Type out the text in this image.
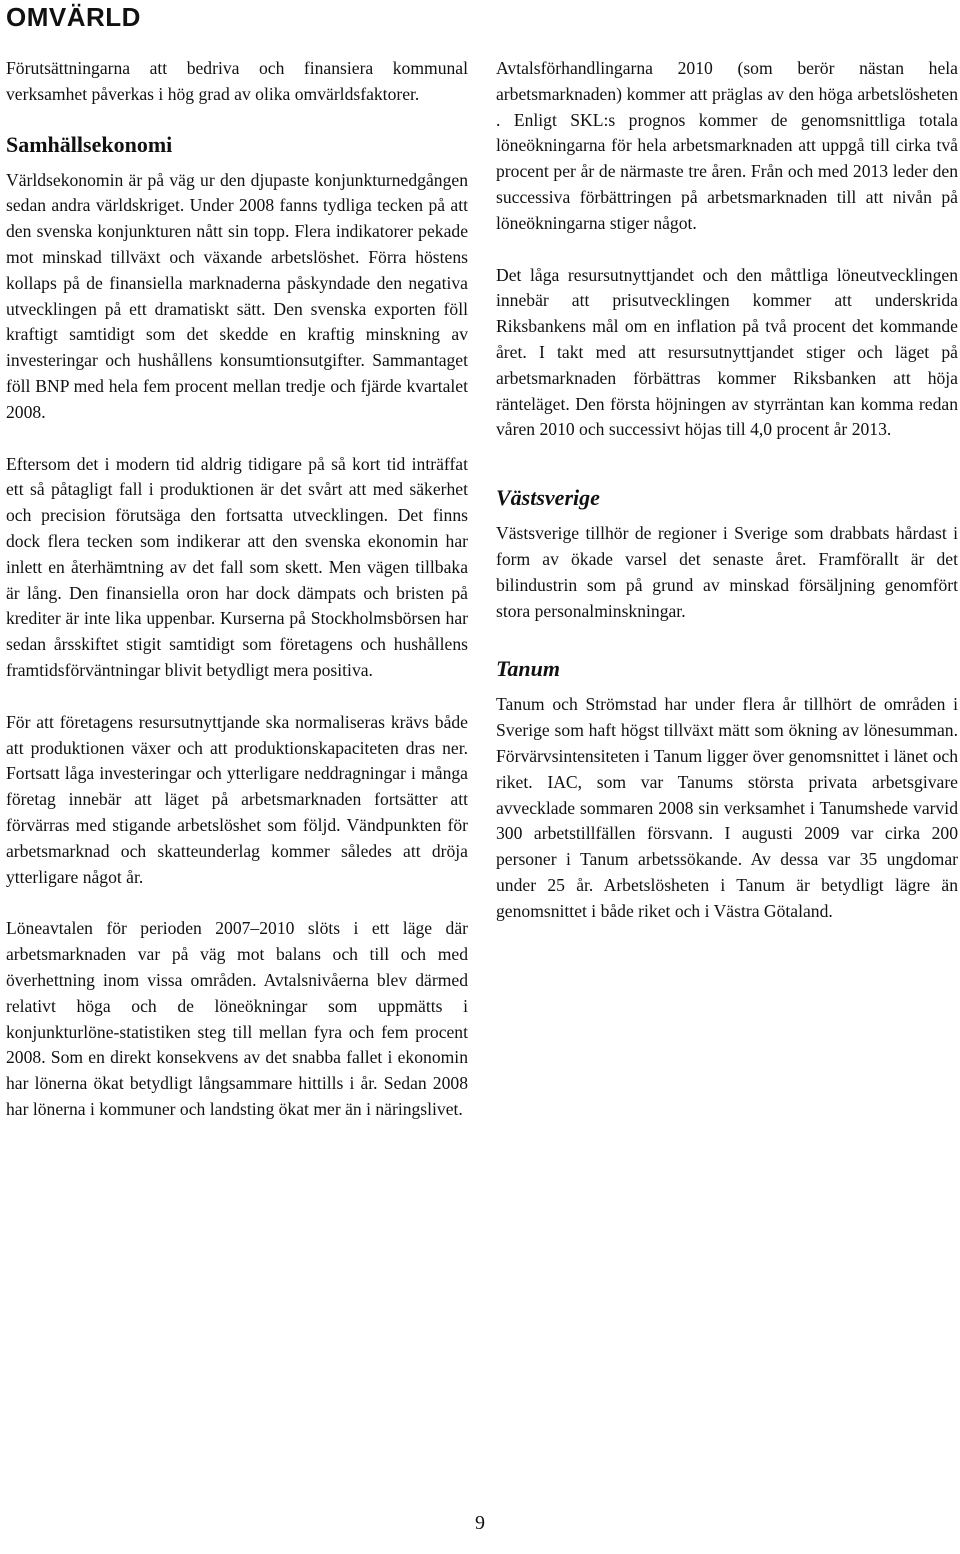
OMVÄRLD

Förutsättningarna att bedriva och finansiera kommunal verksamhet påverkas i hög grad av olika omvärldsfaktorer.

Samhällsekonomi

Världsekonomin är på väg ur den djupaste konjunkturnedgången sedan andra världskriget. Under 2008 fanns tydliga tecken på att den svenska konjunkturen nått sin topp. Flera indikatorer pekade mot minskad tillväxt och växande arbetslöshet. Förra höstens kollaps på de finansiella marknaderna påskyndade den negativa utvecklingen på ett dramatiskt sätt. Den svenska exporten föll kraftigt samtidigt som det skedde en kraftig minskning av investeringar och hushållens konsumtionsutgifter. Sammantaget föll BNP med hela fem procent mellan tredje och fjärde kvartalet 2008.

Eftersom det i modern tid aldrig tidigare på så kort tid inträffat ett så påtagligt fall i produktionen är det svårt att med säkerhet och precision förutsäga den fortsatta utvecklingen. Det finns dock flera tecken som indikerar att den svenska ekonomin har inlett en återhämtning av det fall som skett. Men vägen tillbaka är lång. Den finansiella oron har dock dämpats och bristen på krediter är inte lika uppenbar. Kurserna på Stockholmsbörsen har sedan årsskiftet stigit samtidigt som företagens och hushållens framtidsförväntningar blivit betydligt mera positiva.

För att företagens resursutnyttjande ska normaliseras krävs både att produktionen växer och att produktionskapaciteten dras ner. Fortsatt låga investeringar och ytterligare neddragningar i många företag innebär att läget på arbetsmarknaden fortsätter att förvärras med stigande arbetslöshet som följd. Vändpunkten för arbetsmarknad och skatteunderlag kommer således att dröja ytterligare något år.

Löneavtalen för perioden 2007–2010 slöts i ett läge där arbetsmarknaden var på väg mot balans och till och med överhettning inom vissa områden. Avtalsnivåerna blev därmed relativt höga och de löneökningar som uppmätts i konjunkturlöne-statistiken steg till mellan fyra och fem procent 2008. Som en direkt konsekvens av det snabba fallet i ekonomin har lönerna ökat betydligt långsammare hittills i år. Sedan 2008 har lönerna i kommuner och landsting ökat mer än i näringslivet.

Avtalsförhandlingarna 2010 (som berör nästan hela arbetsmarknaden) kommer att präglas av den höga arbetslösheten . Enligt SKL:s prognos kommer de genomsnittliga totala löneökningarna för hela arbetsmarknaden att uppgå till cirka två procent per år de närmaste tre åren. Från och med 2013 leder den successiva förbättringen på arbetsmarknaden till att nivån på löneökningarna stiger något.

Det låga resursutnyttjandet och den måttliga löneutvecklingen innebär att prisutvecklingen kommer att underskrida Riksbankens mål om en inflation på två procent det kommande året. I takt med att resursutnyttjandet stiger och läget på arbetsmarknaden förbättras kommer Riksbanken att höja ränteläget. Den första höjningen av styrräntan kan komma redan våren 2010 och successivt höjas till 4,0 procent år 2013.

Västsverige

Västsverige tillhör de regioner i Sverige som drabbats hårdast i form av ökade varsel det senaste året. Framförallt är det bilindustrin som på grund av minskad försäljning genomfört stora personalminskningar.

Tanum

Tanum och Strömstad har under flera år tillhört de områden i Sverige som haft högst tillväxt mätt som ökning av lönesumman. Förvärvsintensiteten i Tanum ligger över genomsnittet i länet och riket. IAC, som var Tanums största privata arbetsgivare avvecklade sommaren 2008 sin verksamhet i Tanumshede varvid 300 arbetstillfällen försvann. I augusti 2009 var cirka 200 personer i Tanum arbetssökande. Av dessa var 35 ungdomar under 25 år. Arbetslösheten i Tanum är betydligt lägre än genomsnittet i både riket och i Västra Götaland.

9
